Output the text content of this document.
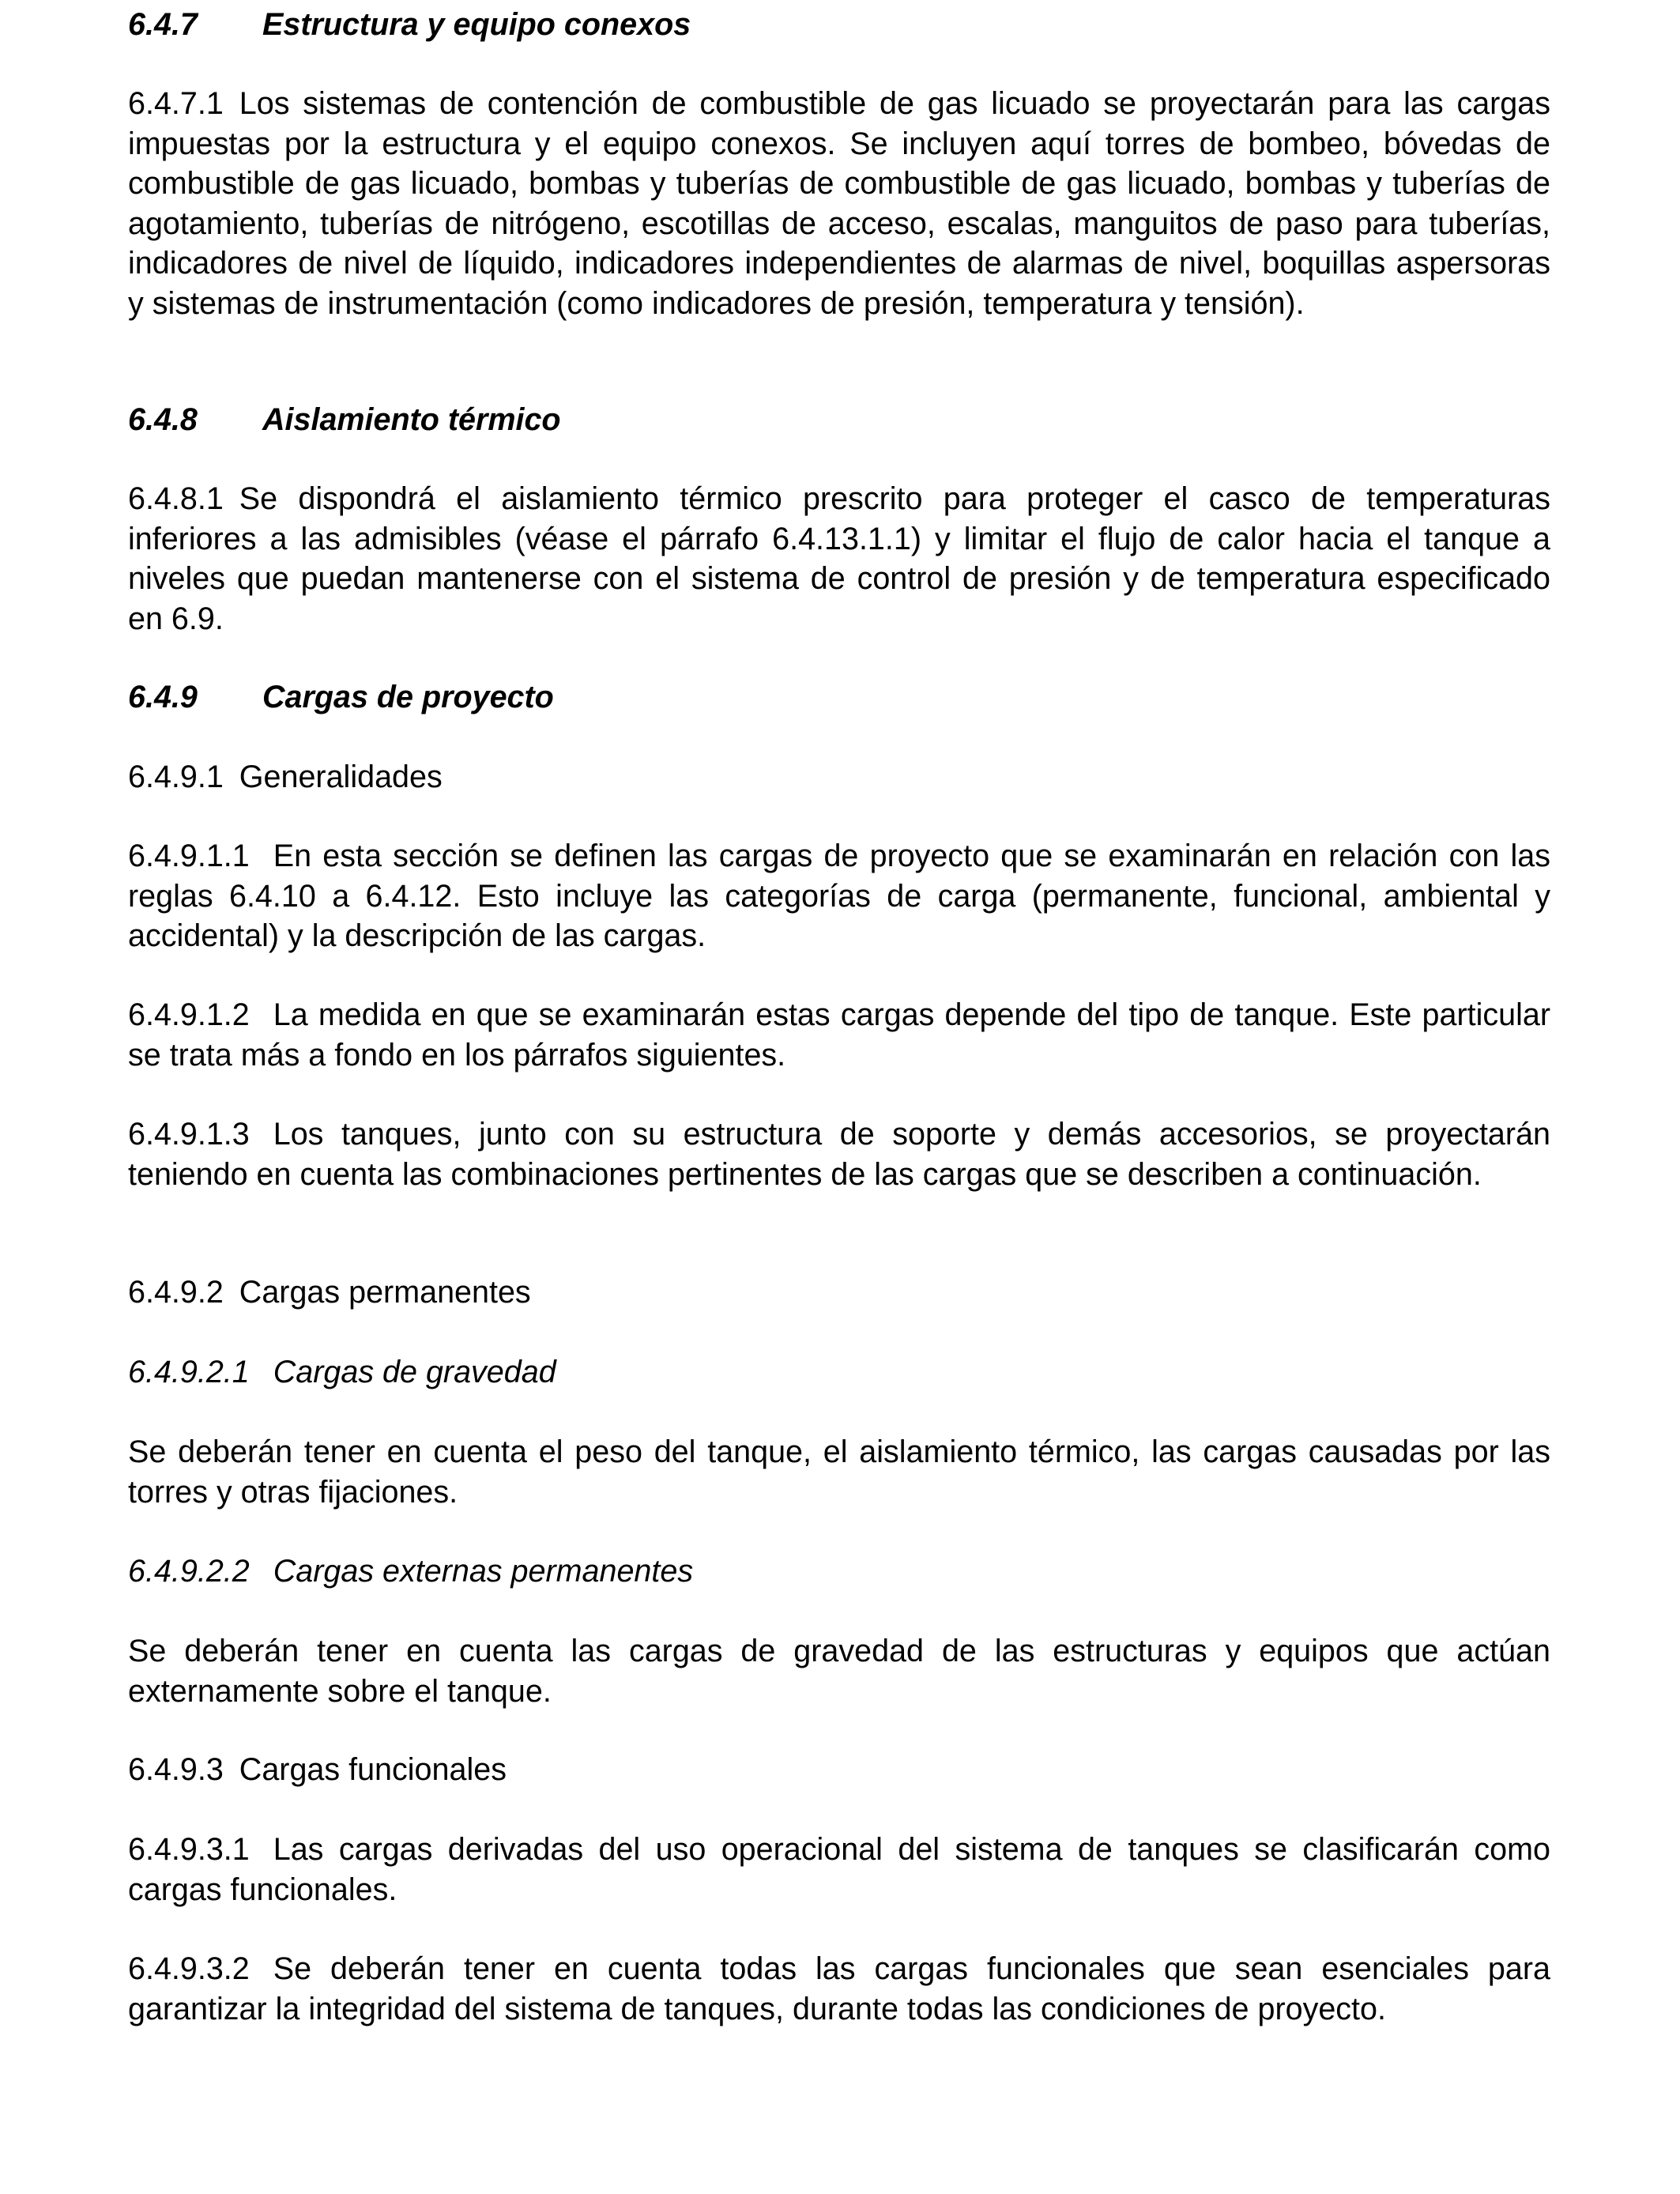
6.4.7 Estructura y equipo conexos

6.4.7.1 Los sistemas de contención de combustible de gas licuado se proyectarán para las cargas impuestas por la estructura y el equipo conexos. Se incluyen aquí torres de bombeo, bóvedas de combustible de gas licuado, bombas y tuberías de combustible de gas licuado, bombas y tuberías de agotamiento, tuberías de nitrógeno, escotillas de acceso, escalas, manguitos de paso para tuberías, indicadores de nivel de líquido, indicadores independientes de alarmas de nivel, boquillas aspersoras y sistemas de instrumentación (como indicadores de presión, temperatura y tensión).

6.4.8 Aislamiento térmico

6.4.8.1 Se dispondrá el aislamiento térmico prescrito para proteger el casco de temperaturas inferiores a las admisibles (véase el párrafo 6.4.13.1.1) y limitar el flujo de calor hacia el tanque a niveles que puedan mantenerse con el sistema de control de presión y de temperatura especificado en 6.9.

6.4.9 Cargas de proyecto

6.4.9.1 Generalidades

6.4.9.1.1 En esta sección se definen las cargas de proyecto que se examinarán en relación con las reglas 6.4.10 a 6.4.12. Esto incluye las categorías de carga (permanente, funcional, ambiental y accidental) y la descripción de las cargas.

6.4.9.1.2 La medida en que se examinarán estas cargas depende del tipo de tanque. Este particular se trata más a fondo en los párrafos siguientes.

6.4.9.1.3 Los tanques, junto con su estructura de soporte y demás accesorios, se proyectarán teniendo en cuenta las combinaciones pertinentes de las cargas que se describen a continuación.

6.4.9.2 Cargas permanentes

6.4.9.2.1 Cargas de gravedad

Se deberán tener en cuenta el peso del tanque, el aislamiento térmico, las cargas causadas por las torres y otras fijaciones.

6.4.9.2.2 Cargas externas permanentes

Se deberán tener en cuenta las cargas de gravedad de las estructuras y equipos que actúan externamente sobre el tanque.

6.4.9.3 Cargas funcionales

6.4.9.3.1 Las cargas derivadas del uso operacional del sistema de tanques se clasificarán como cargas funcionales.

6.4.9.3.2 Se deberán tener en cuenta todas las cargas funcionales que sean esenciales para garantizar la integridad del sistema de tanques, durante todas las condiciones de proyecto.
